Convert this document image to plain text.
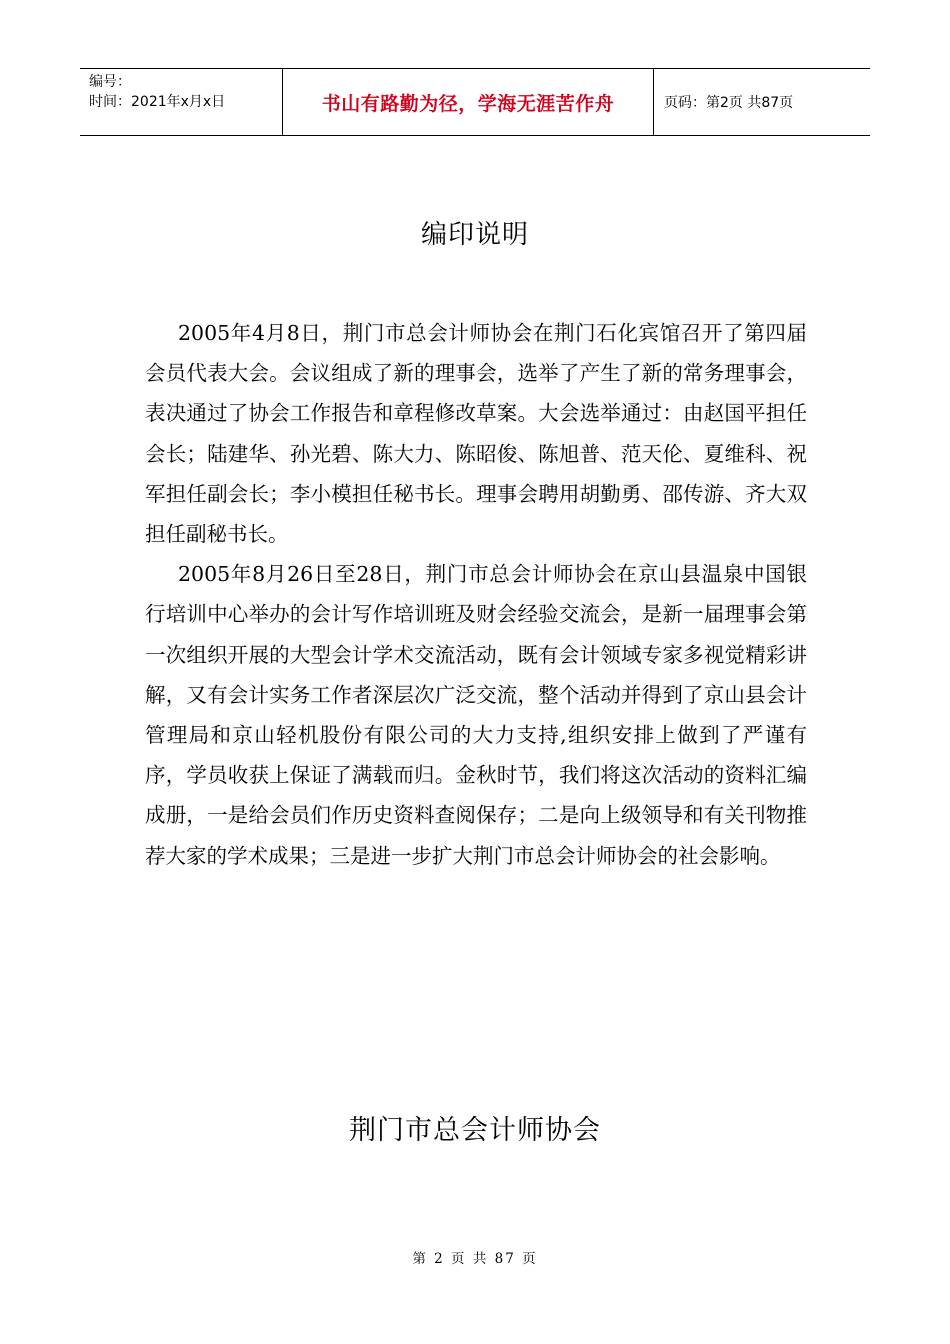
编号：
时间：2021年x月x日	书山有路勤为径，学海无涯苦作舟	页码：第2页 共87页
编印说明

2005年4月8日，荆门市总会计师协会在荆门石化宾馆召开了第四届会员代表大会。会议组成了新的理事会，选举了产生了新的常务理事会，表决通过了协会工作报告和章程修改草案。大会选举通过：由赵国平担任会长；陆建华、孙光碧、陈大力、陈昭俊、陈旭普、范天伦、夏维科、祝军担任副会长；李小模担任秘书长。理事会聘用胡勤勇、邵传游、齐大双担任副秘书长。

2005年8月26日至28日，荆门市总会计师协会在京山县温泉中国银行培训中心举办的会计写作培训班及财会经验交流会，是新一届理事会第一次组织开展的大型会计学术交流活动，既有会计领域专家多视觉精彩讲解，又有会计实务工作者深层次广泛交流，整个活动并得到了京山县会计管理局和京山轻机股份有限公司的大力支持,组织安排上做到了严谨有序，学员收获上保证了满载而归。金秋时节，我们将这次活动的资料汇编成册，一是给会员们作历史资料查阅保存；二是向上级领导和有关刊物推荐大家的学术成果；三是进一步扩大荆门市总会计师协会的社会影响。

荆门市总会计师协会
第 2 页 共 87 页
